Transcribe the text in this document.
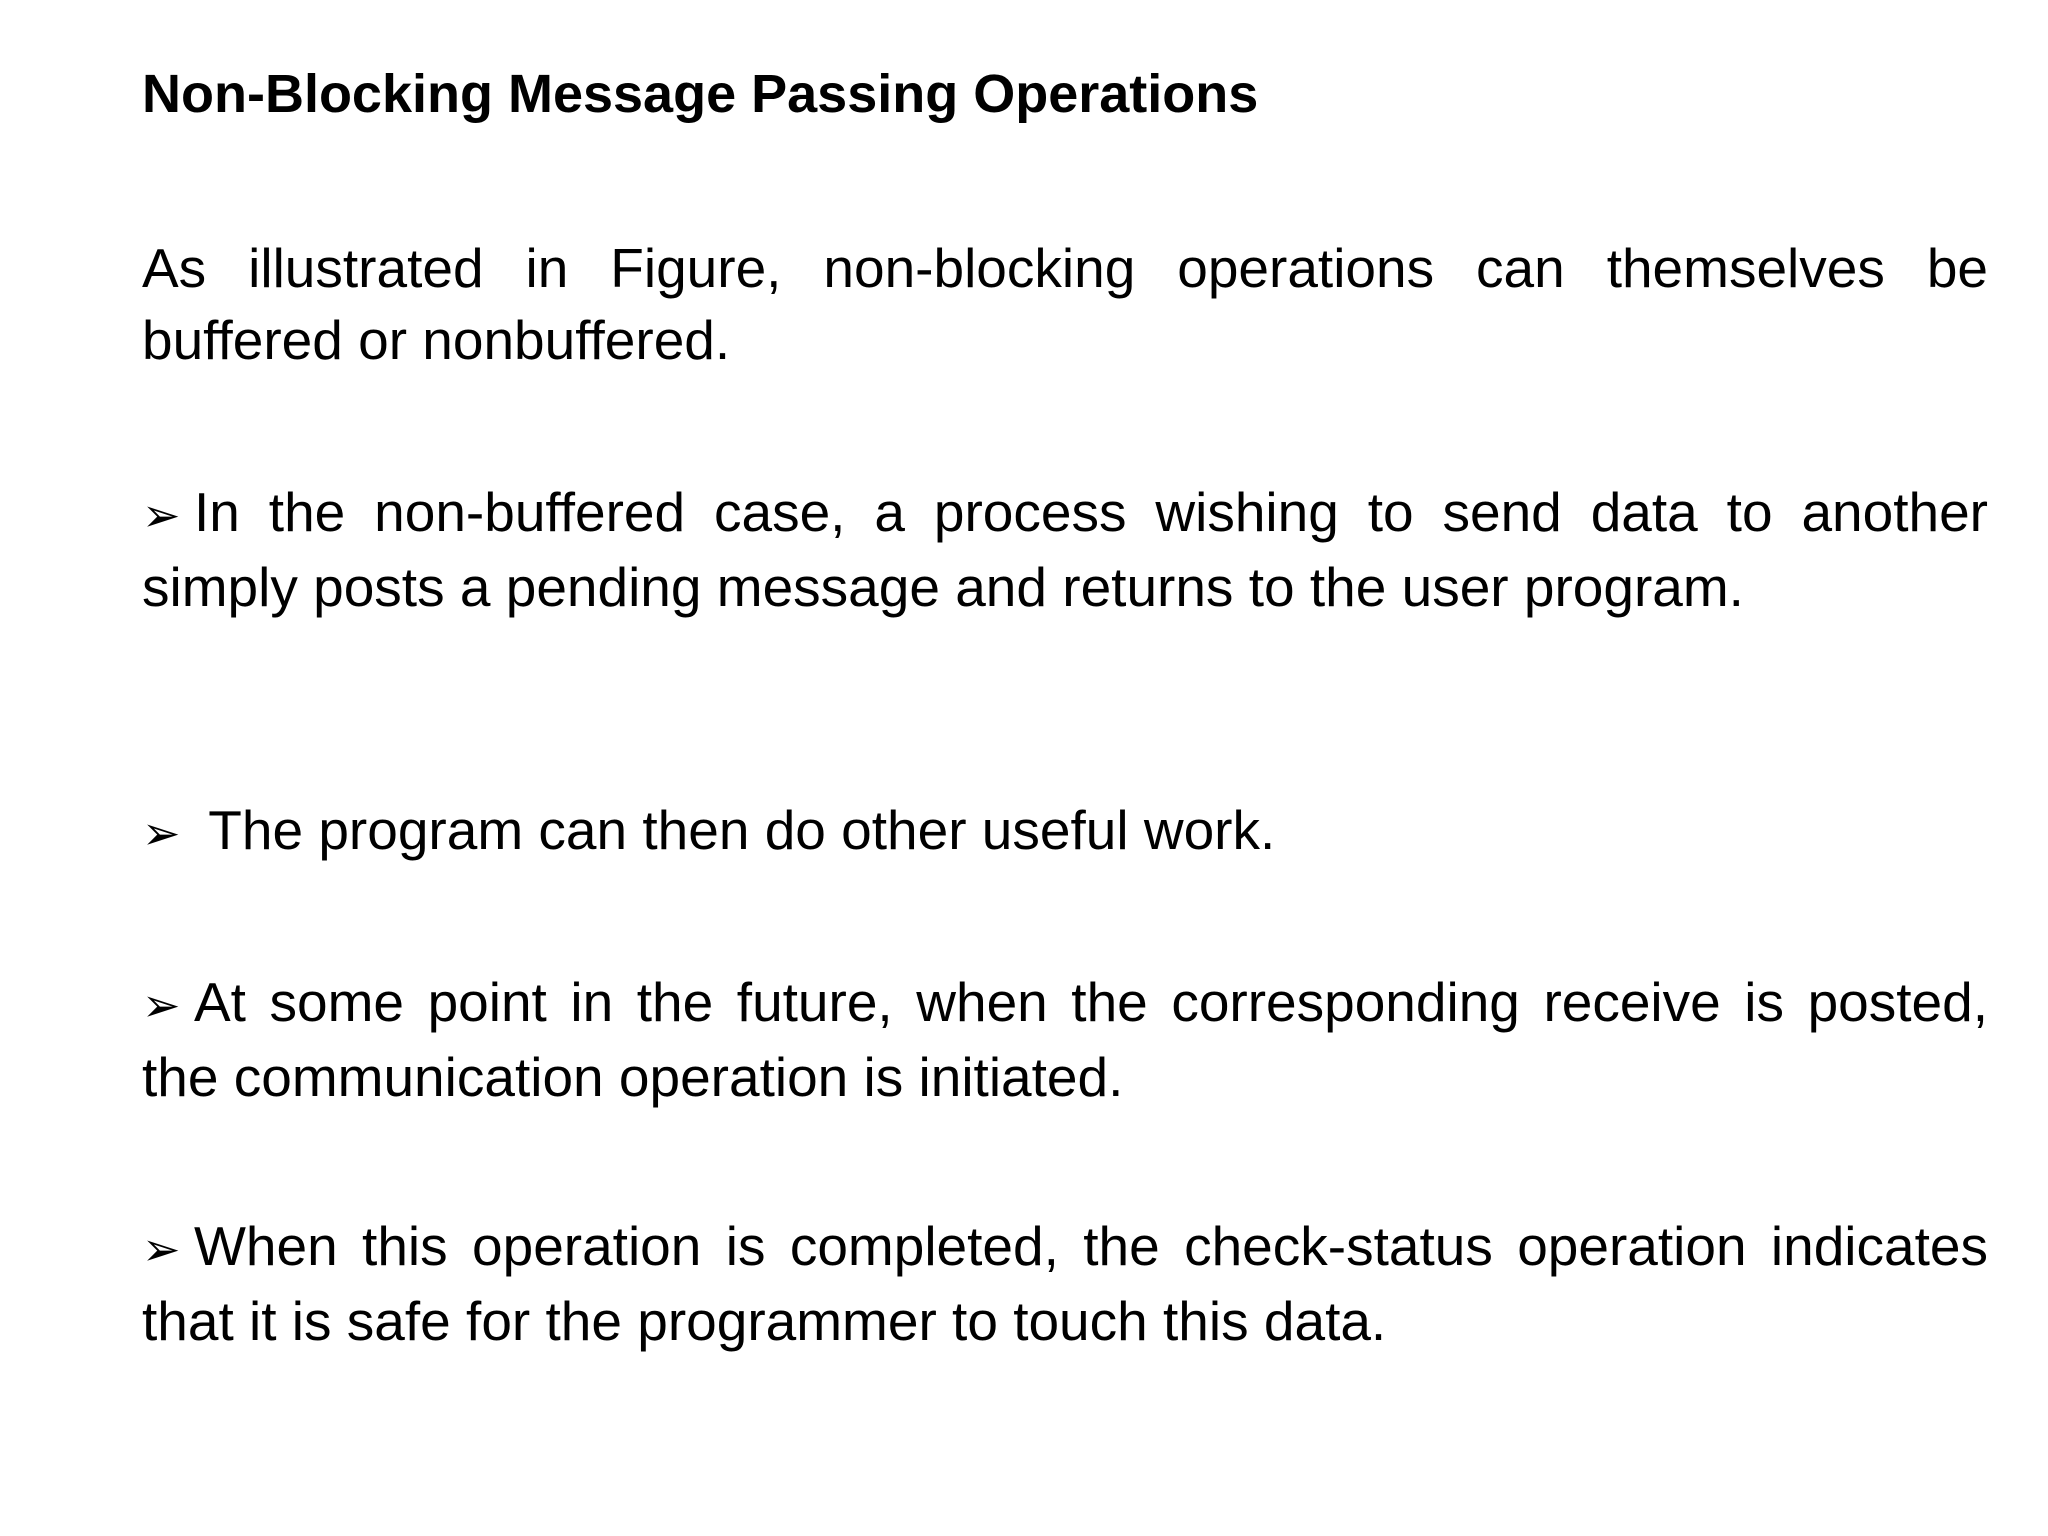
Non-Blocking Message Passing Operations
As illustrated in Figure, non-blocking operations can themselves be buffered or nonbuffered.
➢ In the non-buffered case, a process wishing to send data to another simply posts a pending message and returns to the user program.
➢ The program can then do other useful work.
➢ At some point in the future, when the corresponding receive is posted, the communication operation is initiated.
➢ When this operation is completed, the check-status operation indicates that it is safe for the programmer to touch this data.
